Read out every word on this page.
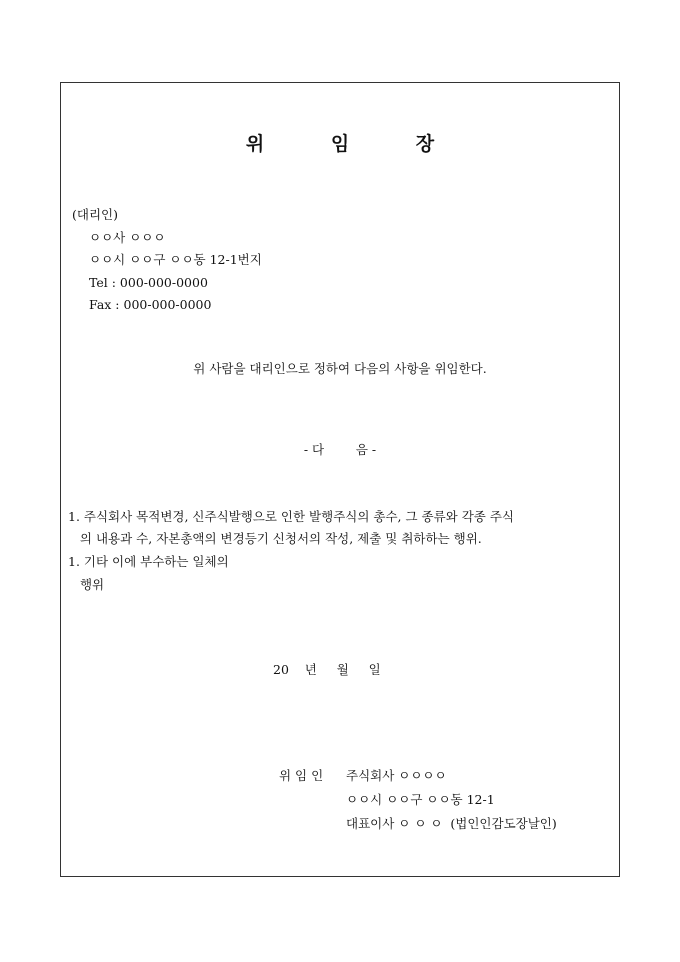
위 임 장
(대리인)
ㅇㅇ사 ㅇㅇㅇ
ㅇㅇ시 ㅇㅇ구 ㅇㅇ동 12-1번지
Tel : 000-000-0000
Fax : 000-000-0000
위 사람을 대리인으로 정하여 다음의 사항을 위임한다.
- 다        음 -
1. 주식회사 목적변경, 신주식발행으로 인한 발행주식의 총수, 그 종류와 각종 주식
의 내용과 수, 자본총액의 변경등기 신청서의 작성, 제출 및 취하하는 행위.
1. 기타 이에 부수하는 일체의
행위
20    년     월     일
위 임 인 주식회사 ㅇㅇㅇㅇ
ㅇㅇ시 ㅇㅇ구 ㅇㅇ동 12-1
대표이사 ㅇ ㅇ ㅇ  (법인인감도장날인)
